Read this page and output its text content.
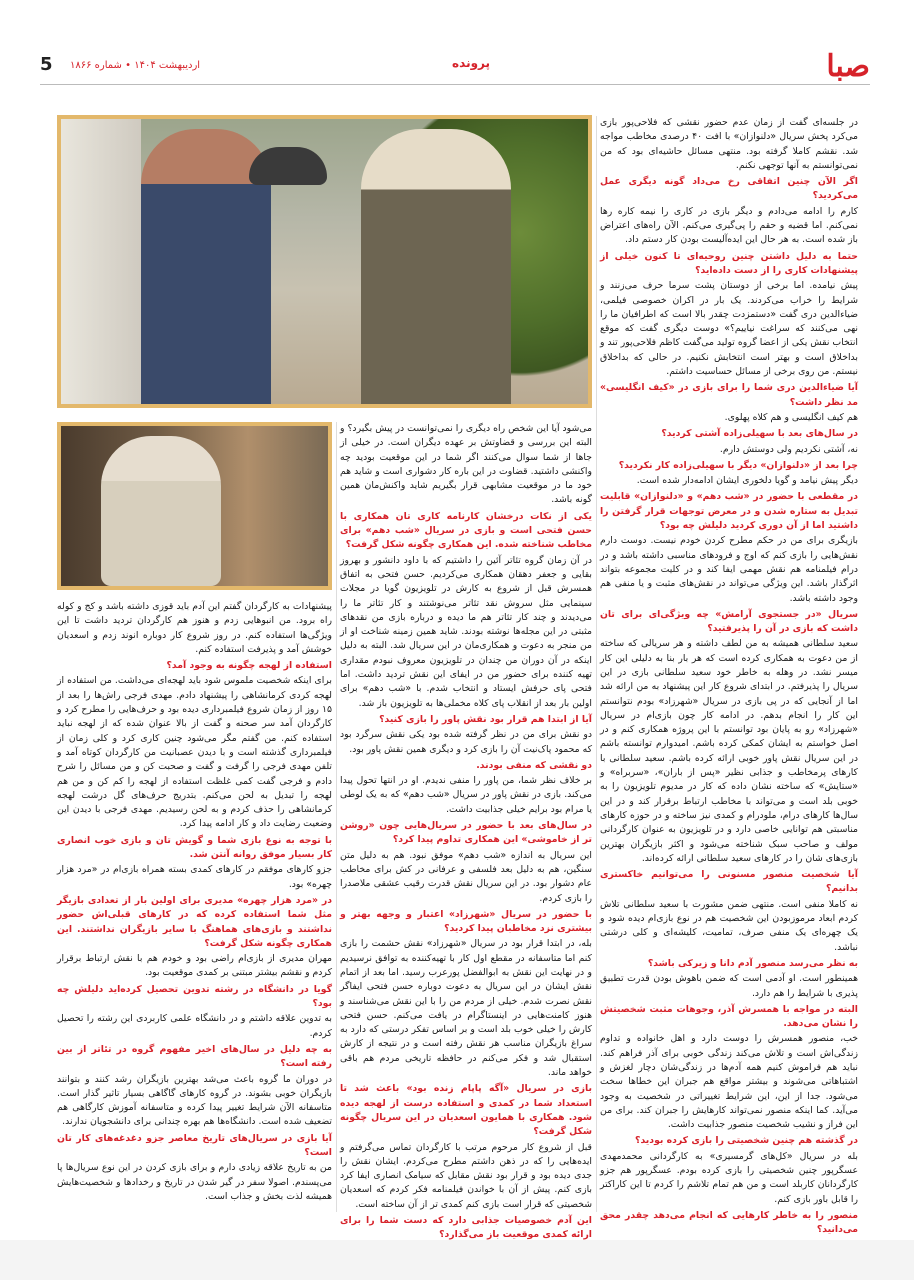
صبا
پرونده
اردیبهشت ۱۴۰۴ • شماره ۱۸۶۶
5

در جلسه‌ای گفت از زمان عدم حضور نقشی که فلاحی‌پور بازی می‌کرد پخش سریال «دلنوازان» با افت ۴۰ درصدی مخاطب مواجه شد. نقشم کاملا گرفته بود. منتهی مسائل حاشیه‌ای بود که من نمی‌توانستم به آنها توجهی نکنم.

اگر الآن چنین اتفاقی رخ می‌داد گونه دیگری عمل می‌کردید؟

کارم را ادامه می‌دادم و دیگر بازی در کاری را نیمه کاره رها نمی‌کنم. اما قضیه و حقم را پی‌گیری می‌کنم. الآن راه‌های اعتراض باز شده است. به هر حال این ایده‌آلیست بودن کار دستم داد.

حتما به دلیل داشتن چنین روحیه‌ای تا کنون خیلی از پیشنهادات کاری را از دست داده‌اید؟

پیش نیامده. اما برخی از دوستان پشت سرما حرف می‌زنند و شرایط را خراب می‌کردند. یک بار در اکران خصوصی فیلمی، ضیاءالدین دری گفت «دستمزدت چقدر بالا است که اطرافیان ما را نهی می‌کنند که سراغت نیاییم؟» دوست دیگری گفت که موقع انتخاب نقش یکی از اعضا گروه تولید می‌گفت کاظم فلاحی‌پور تند و بداخلاق است و بهتر است انتخابش نکنیم. در حالی که بداخلاق نیستم. من روی برخی از مسائل حساسیت داشتم.

آیا ضیاءالدین دری شما را برای بازی در «کیف انگلیسی» مد نظر داشت؟

هم کیف انگلیسی و هم کلاه پهلوی.

در سال‌های بعد با سهیلی‌زاده آشتی کردید؟

نه، آشتی نکردیم ولی دوستش دارم.

چرا بعد از «دلنوازان» دیگر با سهیلی‌زاده کار نکردید؟

دیگر پیش نیامد و گویا دلخوری ایشان ادامه‌دار شده است.

در مقطعی با حضور در «شب دهم» و «دلنوازان» قابلیت تبدیل به ستاره شدن و در معرض توجهات قرار گرفتن را داشتید اما از آن دوری کردید دلیلش چه بود؟

بازیگری برای من در حکم مطرح کردن خودم نیست. دوست دارم نقش‌هایی را بازی کنم که اوج و فرودهای مناسبی داشته باشد و در درام فیلمنامه هم نقش مهمی ایفا کند و در کلیت مجموعه بتواند اثرگذار باشد. این ویژگی می‌تواند در نقش‌های مثبت و یا منفی هم وجود داشته باشد.

سریال «در جستجوی آرامش» چه ویژگی‌ای برای تان داشت که بازی در آن را پذیرفتید؟

سعید سلطانی همیشه به من لطف داشته و هر سریالی که ساخته از من دعوت به همکاری کرده است که هر بار بنا به دلیلی این کار میسر نشد. در وهله به خاطر خود سعید سلطانی بازی در این سریال را پذیرفتم. در ابتدای شروع کار این پیشنهاد به من ارائه شد اما از آنجایی که در پی بازی در سریال «شهرزاد» بودم نتوانستم این کار را انجام بدهم. در ادامه کار چون بازی‌ام در سریال «شهرزاد» رو به پایان بود توانستم با این پروژه همکاری کنم و در اصل خواستم به ایشان کمکی کرده باشم. امیدوارم توانسته باشم در این سریال نقش پاور خوبی ارائه کرده باشم. سعید سلطانی با کارهای پرمخاطب و جذابی نظیر «پس از باران»، «سربراه» و «ستایش» که ساخته نشان داده که کار در مدیوم تلویزیون را به خوبی بلد است و می‌تواند با مخاطب ارتباط برقرار کند و در این سال‌ها کارهای درام، ملودرام و کمدی نیز ساخته و در حوزه کارهای مناسبتی هم توانایی خاصی دارد و در تلویزیون به عنوان کارگردانی مولف و صاحب سبک شناخته می‌شود و اکثر بازیگران بهترین بازی‌های شان را در کارهای سعید سلطانی ارائه کرده‌اند.

آیا شخصیت منصور مسنونی را می‌توانیم خاکستری بدانیم؟

نه کاملا منفی است. منتهی ضمن مشورت با سعید سلطانی تلاش کردم ابعاد مرموزبودن این شخصیت هم در نوع بازی‌ام دیده شود و یک چهره‌ای یک منفی صرف، تمامیت، کلیشه‌ای و کلی درشتی نباشد.

به نظر می‌رسد منصور آدم دانا و زیرکی باشد؟

همینطور است. او آدمی است که ضمن باهوش بودن قدرت تطبیق پذیری با شرایط را هم دارد.

البته در مواجه با همسرش آذر، وجوهات مثبت شخصیتش را نشان می‌دهد.

خب، منصور همسرش را دوست دارد و اهل خانواده و تداوم زندگی‌اش است و تلاش می‌کند زندگی خوبی برای آذر فراهم کند. نباید هم فراموش کنیم همه آدم‌ها در زندگی‌شان دچار لغزش و اشتباهاتی می‌شوند و بیشتر مواقع هم جبران این خطاها سخت می‌شود. جدا از این، این شرایط تغییراتی در شخصیت به وجود می‌آید. کما اینکه منصور نمی‌تواند کارهایش را جبران کند. برای من این فراز و نشیب شخصیت منصور جذابیت داشت.

در گذشته هم چنین شخصیتی را بازی کرده بودید؟

بله در سریال «کل‌های گرمسیری» به کارگردانی محمدمهدی عسگرپور چنین شخصیتی را بازی کرده بودم. عسگرپور هم جزو کارگردانان کاربلد است و من هم تمام تلاشم را کردم تا این کاراکتر را قابل باور بازی کنم.

منصور را به خاطر کارهایی که انجام می‌دهد چقدر محق می‌دانید؟

می‌شود آیا این شخص راه دیگری را نمی‌توانست در پیش بگیرد؟ و البته این بررسی و قضاوتش بر عهده دیگران است. در خیلی از جاها از شما سوال می‌کنند اگر شما در این موقعیت بودید چه واکنشی داشتید. قضاوت در این باره کار دشواری است و شاید هم خود ما در موقعیت مشابهی قرار بگیریم شاید واکنش‌مان همین گونه باشد.

یکی از نکات درخشان کارنامه کاری تان همکاری با حسن فتحی است و بازی در سریال «شب دهم» برای مخاطب شناخته شده. این همکاری چگونه شکل گرفت؟

در آن زمان گروه تئاتر آئین را داشتیم که با داود دانشور و بهروز بقایی و جعفر دهقان همکاری می‌کردیم. حسن فتحی به اتفاق همسرش قبل از شروع به کارش در تلویزیون گویا در مجلات سینمایی مثل سروش نقد تئاتر می‌نوشتند و کار تئاتر ما را می‌دیدند و چند کار تئاتر هم ما دیده و درباره بازی من نقدهای مثبتی در این مجله‌ها نوشته بودند. شاید همین زمینه شناخت او از من منجر به دعوت و همکاری‌مان در این سریال شد. البته به دلیل اینکه در آن دوران من چندان در تلویزیون معروف نبودم مقداری تهیه کننده برای حضور من در ایفای این نقش تردید داشت. اما فتحی پای حرفش ایستاد و انتخاب شدم. با «شب دهم» برای اولین بار بعد از انقلاب پای کلاه مخملی‌ها به تلویزیون باز شد.

آیا از ابتدا هم قرار بود نقش پاور را بازی کنید؟

دو نقش برای من در نظر گرفته شده بود یکی نقش سرگرد بود که محمود پاک‌نیت آن را بازی کرد و دیگری همین نقش پاور بود.

دو نقشی که منفی بودند.

بر خلاف نظر شما، من پاور را منفی ندیدم. او در انتها تحول پیدا می‌کند. بازی در نقش پاور در سریال «شب دهم» که به یک لوطی یا مرام بود برایم خیلی جذابیت داشت.

در سال‌های بعد با حضور در سریال‌هایی چون «روشن تر از خاموشی» این همکاری تداوم پیدا کرد؟

این سریال به اندازه «شب دهم» موفق نبود. هم به دلیل متن سنگین، هم به دلیل بعد فلسفی و عرفانی در کش برای مخاطب عام دشوار بود. در این سریال نقش قدرت رقیب عشقی ملاصدرا را بازی کردم.

با حضور در سریال «شهرزاد» اعتبار و وجهه بهتر و بیشتری نزد مخاطبان پیدا کردید؟

بله، در ابتدا قرار بود در سریال «شهرزاد» نقش حشمت را بازی کنم اما متاسفانه در مقطع اول کار با تهیه‌کننده به توافق نرسیدیم و در نهایت این نقش به ابوالفضل پورعرب رسید. اما بعد از اتمام نقش ایشان در این سریال به دعوت دوباره حسن فتحی ایفاگر نقش نصرت شدم. خیلی از مردم من را با این نقش می‌شناسند و هنوز کامنت‌هایی در اینستاگرام در یافت می‌کنم. حسن فتحی کارش را خیلی خوب بلد است و بر اساس تفکر درستی که دارد به سراغ بازیگران مناسب هر نقش رفته است و در نتیجه از کارش استقبال شد و فکر می‌کنم در حافظه تاریخی مردم هم باقی خواهد ماند.

بازی در سریال «آگه پاپام زنده بود» باعث شد تا استعداد شما در کمدی و استفاده درست از لهجه دیده شود. همکاری با همایون اسعدیان در این سریال چگونه شکل گرفت؟

قبل از شروع کار مرحوم مرتب با کارگردان تماس می‌گرفتم و ایده‌هایی را که در ذهن داشتم مطرح می‌کردم. ایشان نقش را جدی دیده بود و قرار بود نقش مقابل که سیامک انصاری ایفا کرد بازی کنم. پیش از آن با خواندن فیلمنامه فکر کردم که اسعدیان شخصیتی که قرار است بازی کنم کمدی تر از آن ساخته است.

این آدم خصوصیات جذابی دارد که دست شما را برای ارائه کمدی موقعیت باز می‌گذارد؟

پیشنهادات به کارگردان گفتم این آدم باید قوزی داشته باشد و کج و کوله راه برود. من انبوهایی زدم و هنوز هم کارگردان تردید داشت تا این ویژگی‌ها استفاده کنم. در روز شروع کار دوباره انوند زدم و اسعدیان خوشش آمد و پذیرفت استفاده کنم.

استفاده از لهجه چگونه به وجود آمد؟

برای اینکه شخصیت ملموس شود باید لهجه‌ای می‌داشت. من استفاده از لهجه کردی کرمانشاهی را پیشنهاد دادم. مهدی فرجی راش‌ها را بعد از ۱۵ روز از زمان شروع فیلمبرداری دیده بود و حرف‌هایی را مطرح کرد و کارگردان آمد سر صحنه و گفت از بالا عنوان شده که از لهجه نباید استفاده کنم. من گفتم مگر می‌شود چنین کاری کرد و کلی زمان از فیلمبرداری گذشته است و با دیدن عصبانیت من کارگردان کوتاه آمد و تلفن مهدی فرجی را گرفت و گفت و صحبت کن و من مسائل را شرح دادم و فرجی گفت کمی غلظت استفاده از لهجه را کم کن و من هم لهجه را تبدیل به لحن می‌کنم. بتدریج حرف‌های گل درشت لهجه کرمانشاهی را حذف کردم و به لحن رسیدیم. مهدی فرجی با دیدن این وضعیت رضایت داد و کار ادامه پیدا کرد.

با توجه به نوع بازی شما و گویش تان و بازی خوب انصاری کار بسیار موفق روانه آنتن شد.

جزو کارهای موفقم در کارهای کمدی بسته همراه بازی‌ام در «مرد هزار چهره» بود.

در «مرد هزار چهره» مدیری برای اولین بار از تعدادی بازیگر مثل شما استفاده کرده که در کارهای قبلی‌اش حضور نداشتند و بازی‌های هماهنگ با سایر بازیگران نداشتند. این همکاری چگونه شکل گرفت؟

مهران مدیری از بازی‌ام راضی بود و خودم هم با نقش ارتباط برقرار کردم و نقشم بیشتر مبتنی بر کمدی موقعیت بود.

گویا در دانشگاه در رشته تدوین تحصیل کرده‌اید دلیلش چه بود؟

به تدوین علاقه داشتم و در دانشگاه علمی کاربردی این رشته را تحصیل کردم.

به چه دلیل در سال‌های اخیر مفهوم گروه در تئاتر از بین رفته است؟

در دوران ما گروه باعث می‌شد بهترین بازیگران رشد کنند و بتوانند بازیگران خوبی بشوند. در گروه کارهای گاگاهی بسیار تاثیر گذار است. متاسفانه الآن شرایط تغییر پیدا کرده و متاسفانه آموزش کارگاهی هم تضعیف شده است. دانشگاه‌ها هم بهره چندانی برای دانشجویان ندارند.

آیا بازی در سریال‌های تاریخ معاصر جزو دغدغه‌های کار تان است؟

من به تاریخ علاقه زیادی دارم و برای بازی کردن در این نوع سریال‌ها پا می‌پسندم. اصولا سفر در گیر شدن در تاریخ و رخدادها و شخصیت‌هایش همیشه لذت بخش و جذاب است.
